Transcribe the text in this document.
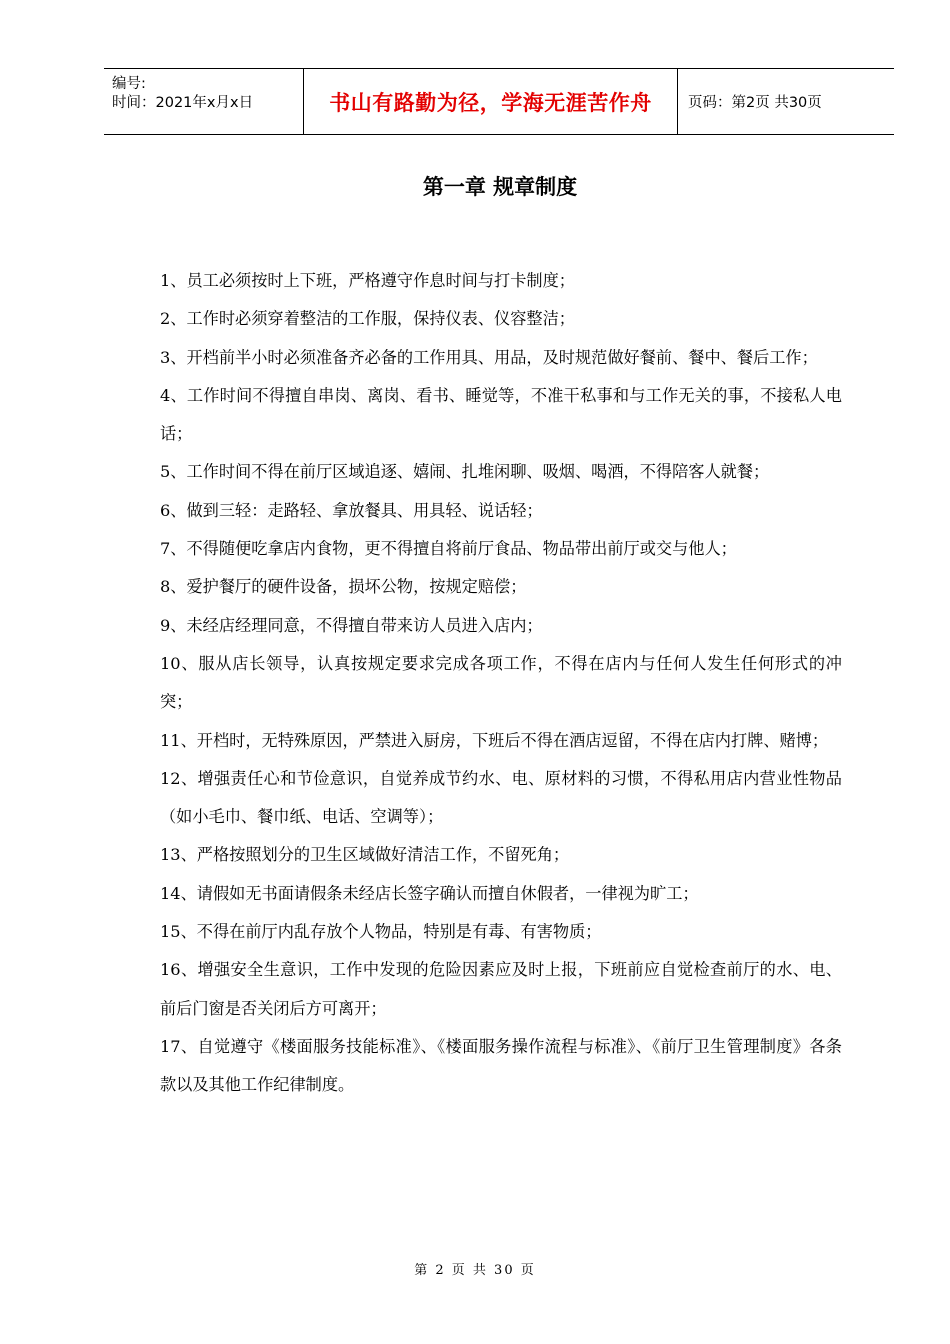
编号:
时间：2021年x月x日	书山有路勤为径，学海无涯苦作舟	页码：第2页 共30页
第一章 规章制度

1、员工必须按时上下班，严格遵守作息时间与打卡制度；

2、工作时必须穿着整洁的工作服，保持仪表、仪容整洁；

3、开档前半小时必须准备齐必备的工作用具、用品，及时规范做好餐前、餐中、餐后工作；

4、工作时间不得擅自串岗、离岗、看书、睡觉等，不准干私事和与工作无关的事，不接私人电话；

5、工作时间不得在前厅区域追逐、嬉闹、扎堆闲聊、吸烟、喝酒，不得陪客人就餐；

6、做到三轻：走路轻、拿放餐具、用具轻、说话轻；

7、不得随便吃拿店内食物，更不得擅自将前厅食品、物品带出前厅或交与他人；

8、爱护餐厅的硬件设备，损坏公物，按规定赔偿；

9、未经店经理同意，不得擅自带来访人员进入店内；

10、服从店长领导，认真按规定要求完成各项工作，不得在店内与任何人发生任何形式的冲突；

11、开档时，无特殊原因，严禁进入厨房，下班后不得在酒店逗留，不得在店内打牌、赌博；

12、增强责任心和节俭意识，自觉养成节约水、电、原材料的习惯，不得私用店内营业性物品（如小毛巾、餐巾纸、电话、空调等）；

13、严格按照划分的卫生区域做好清洁工作，不留死角；

14、请假如无书面请假条未经店长签字确认而擅自休假者，一律视为旷工；

15、不得在前厅内乱存放个人物品，特别是有毒、有害物质；

16、增强安全生意识，工作中发现的危险因素应及时上报，下班前应自觉检查前厅的水、电、前后门窗是否关闭后方可离开；

17、自觉遵守《楼面服务技能标准》、《楼面服务操作流程与标准》、《前厅卫生管理制度》各条款以及其他工作纪律制度。

第 2 页 共 30 页
